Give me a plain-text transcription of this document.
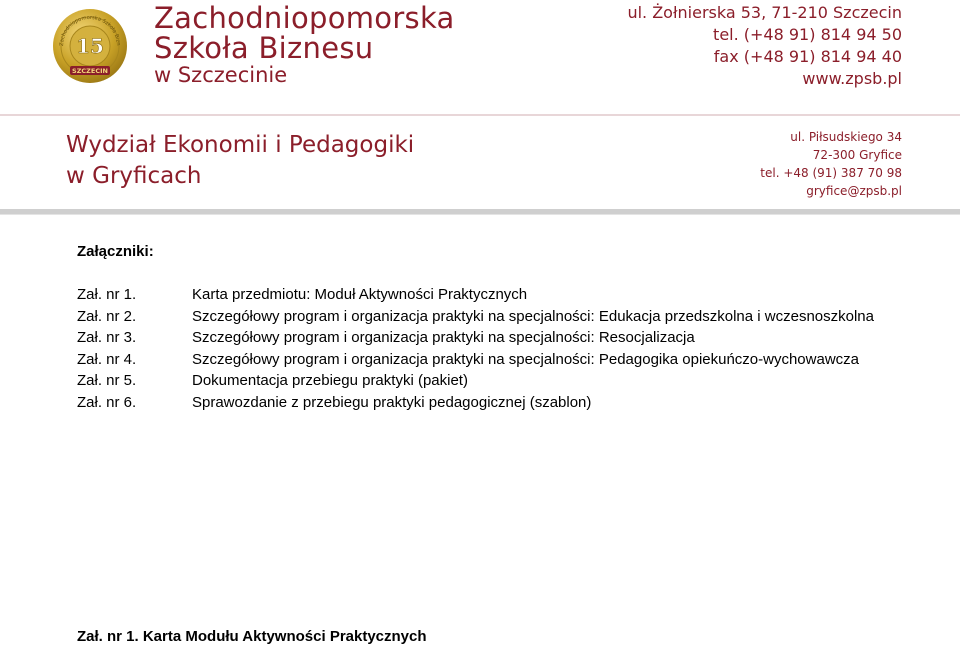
Zachodniopomorska Szkoła Bizn
15
SZCZECIN
Zachodniopomorska
Szkoła Biznesu
w Szczecinie
ul. Żołnierska 53, 71-210 Szczecin
tel. (+48 91) 814 94 50
fax (+48 91) 814 94 40
www.zpsb.pl
Wydział Ekonomii i Pedagogiki
w Gryficach
ul. Piłsudskiego 34
72-300 Gryfice
tel. +48 (91) 387 70 98
gryfice@zpsb.pl
Załączniki:
Zał. nr 1.	Karta przedmiotu: Moduł Aktywności Praktycznych
Zał. nr 2.	Szczegółowy program i organizacja praktyki na specjalności: Edukacja przedszkolna i wczesnoszkolna
Zał. nr 3.	Szczegółowy program i organizacja praktyki na specjalności: Resocjalizacja
Zał. nr 4.	Szczegółowy program i organizacja praktyki na specjalności: Pedagogika opiekuńczo-wychowawcza
Zał. nr 5.	Dokumentacja przebiegu praktyki (pakiet)
Zał. nr 6.	Sprawozdanie z przebiegu praktyki pedagogicznej (szablon)
Zał. nr 1. Karta Modułu Aktywności Praktycznych
